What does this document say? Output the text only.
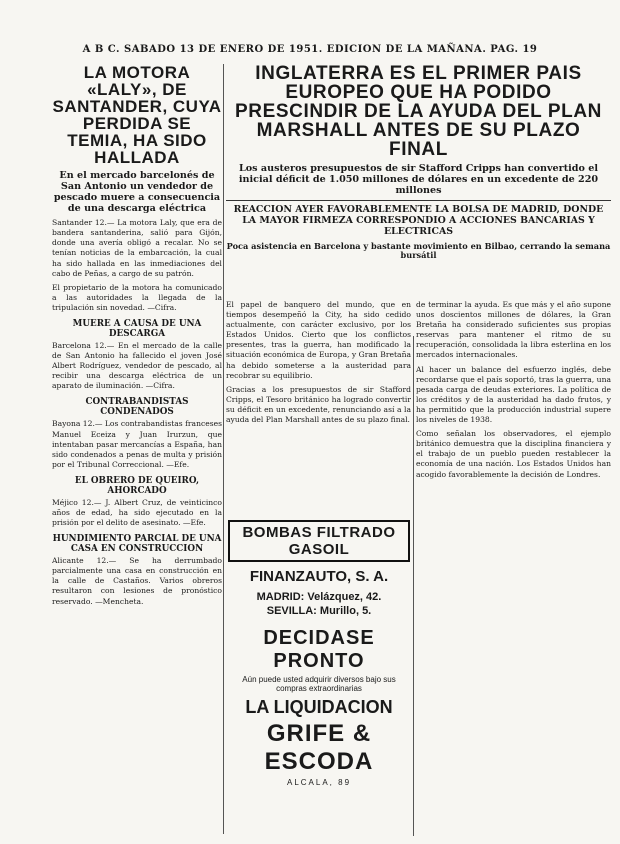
A B C. SABADO 13 DE ENERO DE 1951. EDICION DE LA MAÑANA. PAG. 19
LA MOTORA «LALY», DE SANTANDER, CUYA PERDIDA SE TEMIA, HA SIDO HALLADA
En el mercado barcelonés de San Antonio un vendedor de pescado muere a consecuencia de una descarga eléctrica

Santander 12.— La motora Laly, que era de bandera santanderina, salió para Gijón, donde una avería obligó a recalar. No se tenían noticias de la embarcación, la cual ha sido hallada en las inmediaciones del cabo de Peñas, a cargo de su patrón.

El propietario de la motora ha comunicado a las autoridades la llegada de la tripulación sin novedad. —Cifra.

MUERE A CAUSA DE UNA DESCARGA

Barcelona 12.— En el mercado de la calle de San Antonio ha fallecido el joven José Albert Rodríguez, vendedor de pescado, al recibir una descarga eléctrica de un aparato de iluminación. —Cifra.

CONTRABANDISTAS CONDENADOS

Bayona 12.— Los contrabandistas franceses Manuel Eceiza y Juan Irurzun, que intentaban pasar mercancías a España, han sido condenados a penas de multa y prisión por el Tribunal Correccional. —Efe.

EL OBRERO DE QUEIRO, AHORCADO

Méjico 12.— J. Albert Cruz, de veinticinco años de edad, ha sido ejecutado en la prisión por el delito de asesinato. —Efe.

HUNDIMIENTO PARCIAL DE UNA CASA EN CONSTRUCCION

Alicante 12.— Se ha derrumbado parcialmente una casa en construcción en la calle de Castaños. Varios obreros resultaron con lesiones de pronóstico reservado. —Mencheta.

INGLATERRA ES EL PRIMER PAIS EUROPEO QUE HA PODIDO PRESCINDIR DE LA AYUDA DEL PLAN MARSHALL ANTES DE SU PLAZO FINAL
Los austeros presupuestos de sir Stafford Cripps han convertido el inicial déficit de 1.050 millones de dólares en un excedente de 220 millones
REACCION AYER FAVORABLEMENTE LA BOLSA DE MADRID, DONDE LA MAYOR FIRMEZA CORRESPONDIO A ACCIONES BANCARIAS Y ELECTRICAS
Poca asistencia en Barcelona y bastante movimiento en Bilbao, cerrando la semana bursátil

El papel de banquero del mundo, que en tiempos desempeñó la City, ha sido cedido actualmente, con carácter exclusivo, por los Estados Unidos. Cierto que los conflictos presentes, tras la guerra, han modificado la situación económica de Europa, y Gran Bretaña ha debido someterse a la austeridad para recobrar su equilibrio.

Gracias a los presupuestos de sir Stafford Cripps, el Tesoro británico ha logrado convertir su déficit en un excedente, renunciando así a la ayuda del Plan Marshall antes de su plazo final.

de terminar la ayuda. Es que más y el año supone unos doscientos millones de dólares, la Gran Bretaña ha considerado suficientes sus propias reservas para mantener el ritmo de su recuperación, consolidada la libra esterlina en los mercados internacionales.

Al hacer un balance del esfuerzo inglés, debe recordarse que el país soportó, tras la guerra, una pesada carga de deudas exteriores. La política de los créditos y de la austeridad ha dado frutos, y ha permitido que la producción industrial supere los niveles de 1938.

Como señalan los observadores, el ejemplo británico demuestra que la disciplina financiera y el trabajo de un pueblo pueden restablecer la economía de una nación. Los Estados Unidos han acogido favorablemente la decisión de Londres.

BOMBAS FILTRADO GASOIL
FINANZAUTO, S. A.
MADRID: Velázquez, 42.
SEVILLA: Murillo, 5.
DECIDASE PRONTO
Aún puede usted adquirir diversos bajo sus compras extraordinarias
LA LIQUIDACION
GRIFE & ESCODA
ALCALA, 89
